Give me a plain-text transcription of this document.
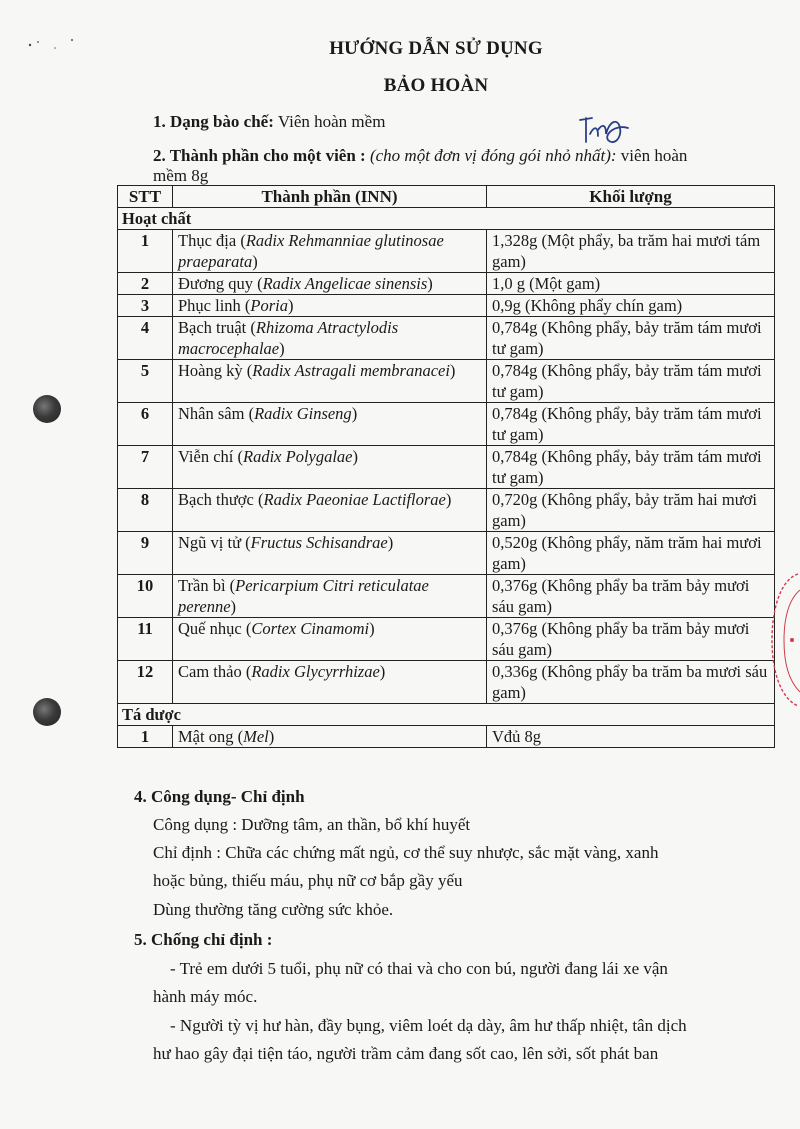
HƯỚNG DẪN SỬ DỤNG
BẢO HOÀN
1. Dạng bào chế: Viên hoàn mềm
2. Thành phần cho một viên : (cho một đơn vị đóng gói nhỏ nhất): viên hoàn
mềm 8g
STT	Thành phần (INN)	Khối lượng
Hoạt chất		
1	Thục địa (Radix Rehmanniae glutinosae praeparata)	1,328g (Một phẩy, ba trăm hai mươi tám gam)
2	Đương quy (Radix Angelicae sinensis)	1,0 g (Một gam)
3	Phục linh (Poria)	0,9g (Không phẩy chín gam)
4	Bạch truật (Rhizoma Atractylodis macrocephalae)	0,784g (Không phẩy, bảy trăm tám mươi tư gam)
5	Hoàng kỳ (Radix Astragali membranacei)	0,784g (Không phẩy, bảy trăm tám mươi tư gam)
6	Nhân sâm (Radix Ginseng)	0,784g (Không phẩy, bảy trăm tám mươi tư gam)
7	Viễn chí (Radix Polygalae)	0,784g (Không phẩy, bảy trăm tám mươi tư gam)
8	Bạch thược (Radix Paeoniae Lactiflorae)	0,720g (Không phẩy, bảy trăm hai mươi gam)
9	Ngũ vị tử (Fructus Schisandrae)	0,520g (Không phẩy, năm trăm hai mươi gam)
10	Trần bì (Pericarpium Citri reticulatae perenne)	0,376g (Không phẩy ba trăm bảy mươi sáu gam)
11	Quế nhục (Cortex Cinamomi)	0,376g (Không phẩy ba trăm bảy mươi sáu gam)
12	Cam thảo (Radix Glycyrrhizae)	0,336g (Không phẩy ba trăm ba mươi sáu gam)
Tá dược		
1	Mật ong (Mel)	Vđủ 8g
4. Công dụng- Chỉ định
Công dụng : Dưỡng tâm, an thần, bổ khí huyết
Chỉ định : Chữa các chứng mất ngủ, cơ thể suy nhược, sắc mặt vàng, xanh
hoặc bủng, thiếu máu, phụ nữ cơ bắp gầy yếu
Dùng thường tăng cường sức khỏe.
5. Chống chỉ định :
- Trẻ em dưới 5 tuổi, phụ nữ có thai và cho con bú, người đang lái xe vận
hành máy móc.
- Người tỳ vị hư hàn, đầy bụng, viêm loét dạ dày, âm hư thấp nhiệt, tân dịch
hư hao gây đại tiện táo, người trầm cảm đang sốt cao, lên sởi, sốt phát ban
